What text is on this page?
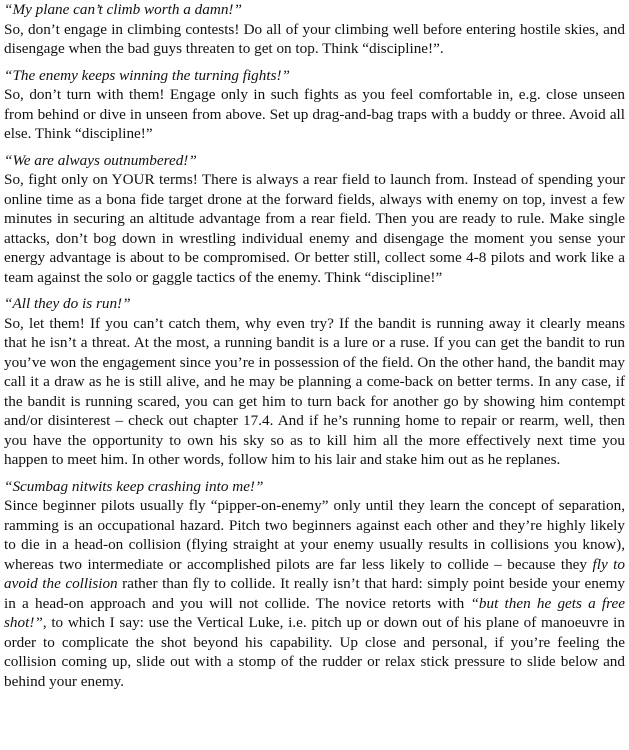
“My plane can’t climb worth a damn!”

So, don’t engage in climbing contests! Do all of your climbing well before entering hostile skies, and disengage when the bad guys threaten to get on top. Think “discipline!”.

“The enemy keeps winning the turning fights!”

So, don’t turn with them! Engage only in such fights as you feel comfortable in, e.g. close unseen from behind or dive in unseen from above. Set up drag-and-bag traps with a buddy or three. Avoid all else. Think “discipline!”

“We are always outnumbered!”

So, fight only on YOUR terms! There is always a rear field to launch from. Instead of spending your online time as a bona fide target drone at the forward fields, always with enemy on top, invest a few minutes in securing an altitude advantage from a rear field. Then you are ready to rule. Make single attacks, don’t bog down in wrestling individual enemy and disengage the moment you sense your energy advantage is about to be compromised. Or better still, collect some 4-8 pilots and work like a team against the solo or gaggle tactics of the enemy. Think “discipline!”

“All they do is run!”

So, let them! If you can’t catch them, why even try? If the bandit is running away it clearly means that he isn’t a threat. At the most, a running bandit is a lure or a ruse. If you can get the bandit to run you’ve won the engagement since you’re in possession of the field. On the other hand, the bandit may call it a draw as he is still alive, and he may be planning a come-back on better terms. In any case, if the bandit is running scared, you can get him to turn back for another go by showing him contempt and/or disinterest – check out chapter 17.4. And if he’s running home to repair or rearm, well, then you have the opportunity to own his sky so as to kill him all the more effectively next time you happen to meet him. In other words, follow him to his lair and stake him out as he replanes.

“Scumbag nitwits keep crashing into me!”

Since beginner pilots usually fly “pipper-on-enemy” only until they learn the concept of separation, ramming is an occupational hazard. Pitch two beginners against each other and they’re highly likely to die in a head-on collision (flying straight at your enemy usually results in collisions you know), whereas two intermediate or accomplished pilots are far less likely to collide – because they fly to avoid the collision rather than fly to collide. It really isn’t that hard: simply point beside your enemy in a head-on approach and you will not collide. The novice retorts with “but then he gets a free shot!”, to which I say: use the Vertical Luke, i.e. pitch up or down out of his plane of manoeuvre in order to complicate the shot beyond his capability. Up close and personal, if you’re feeling the collision coming up, slide out with a stomp of the rudder or relax stick pressure to slide below and behind your enemy.
